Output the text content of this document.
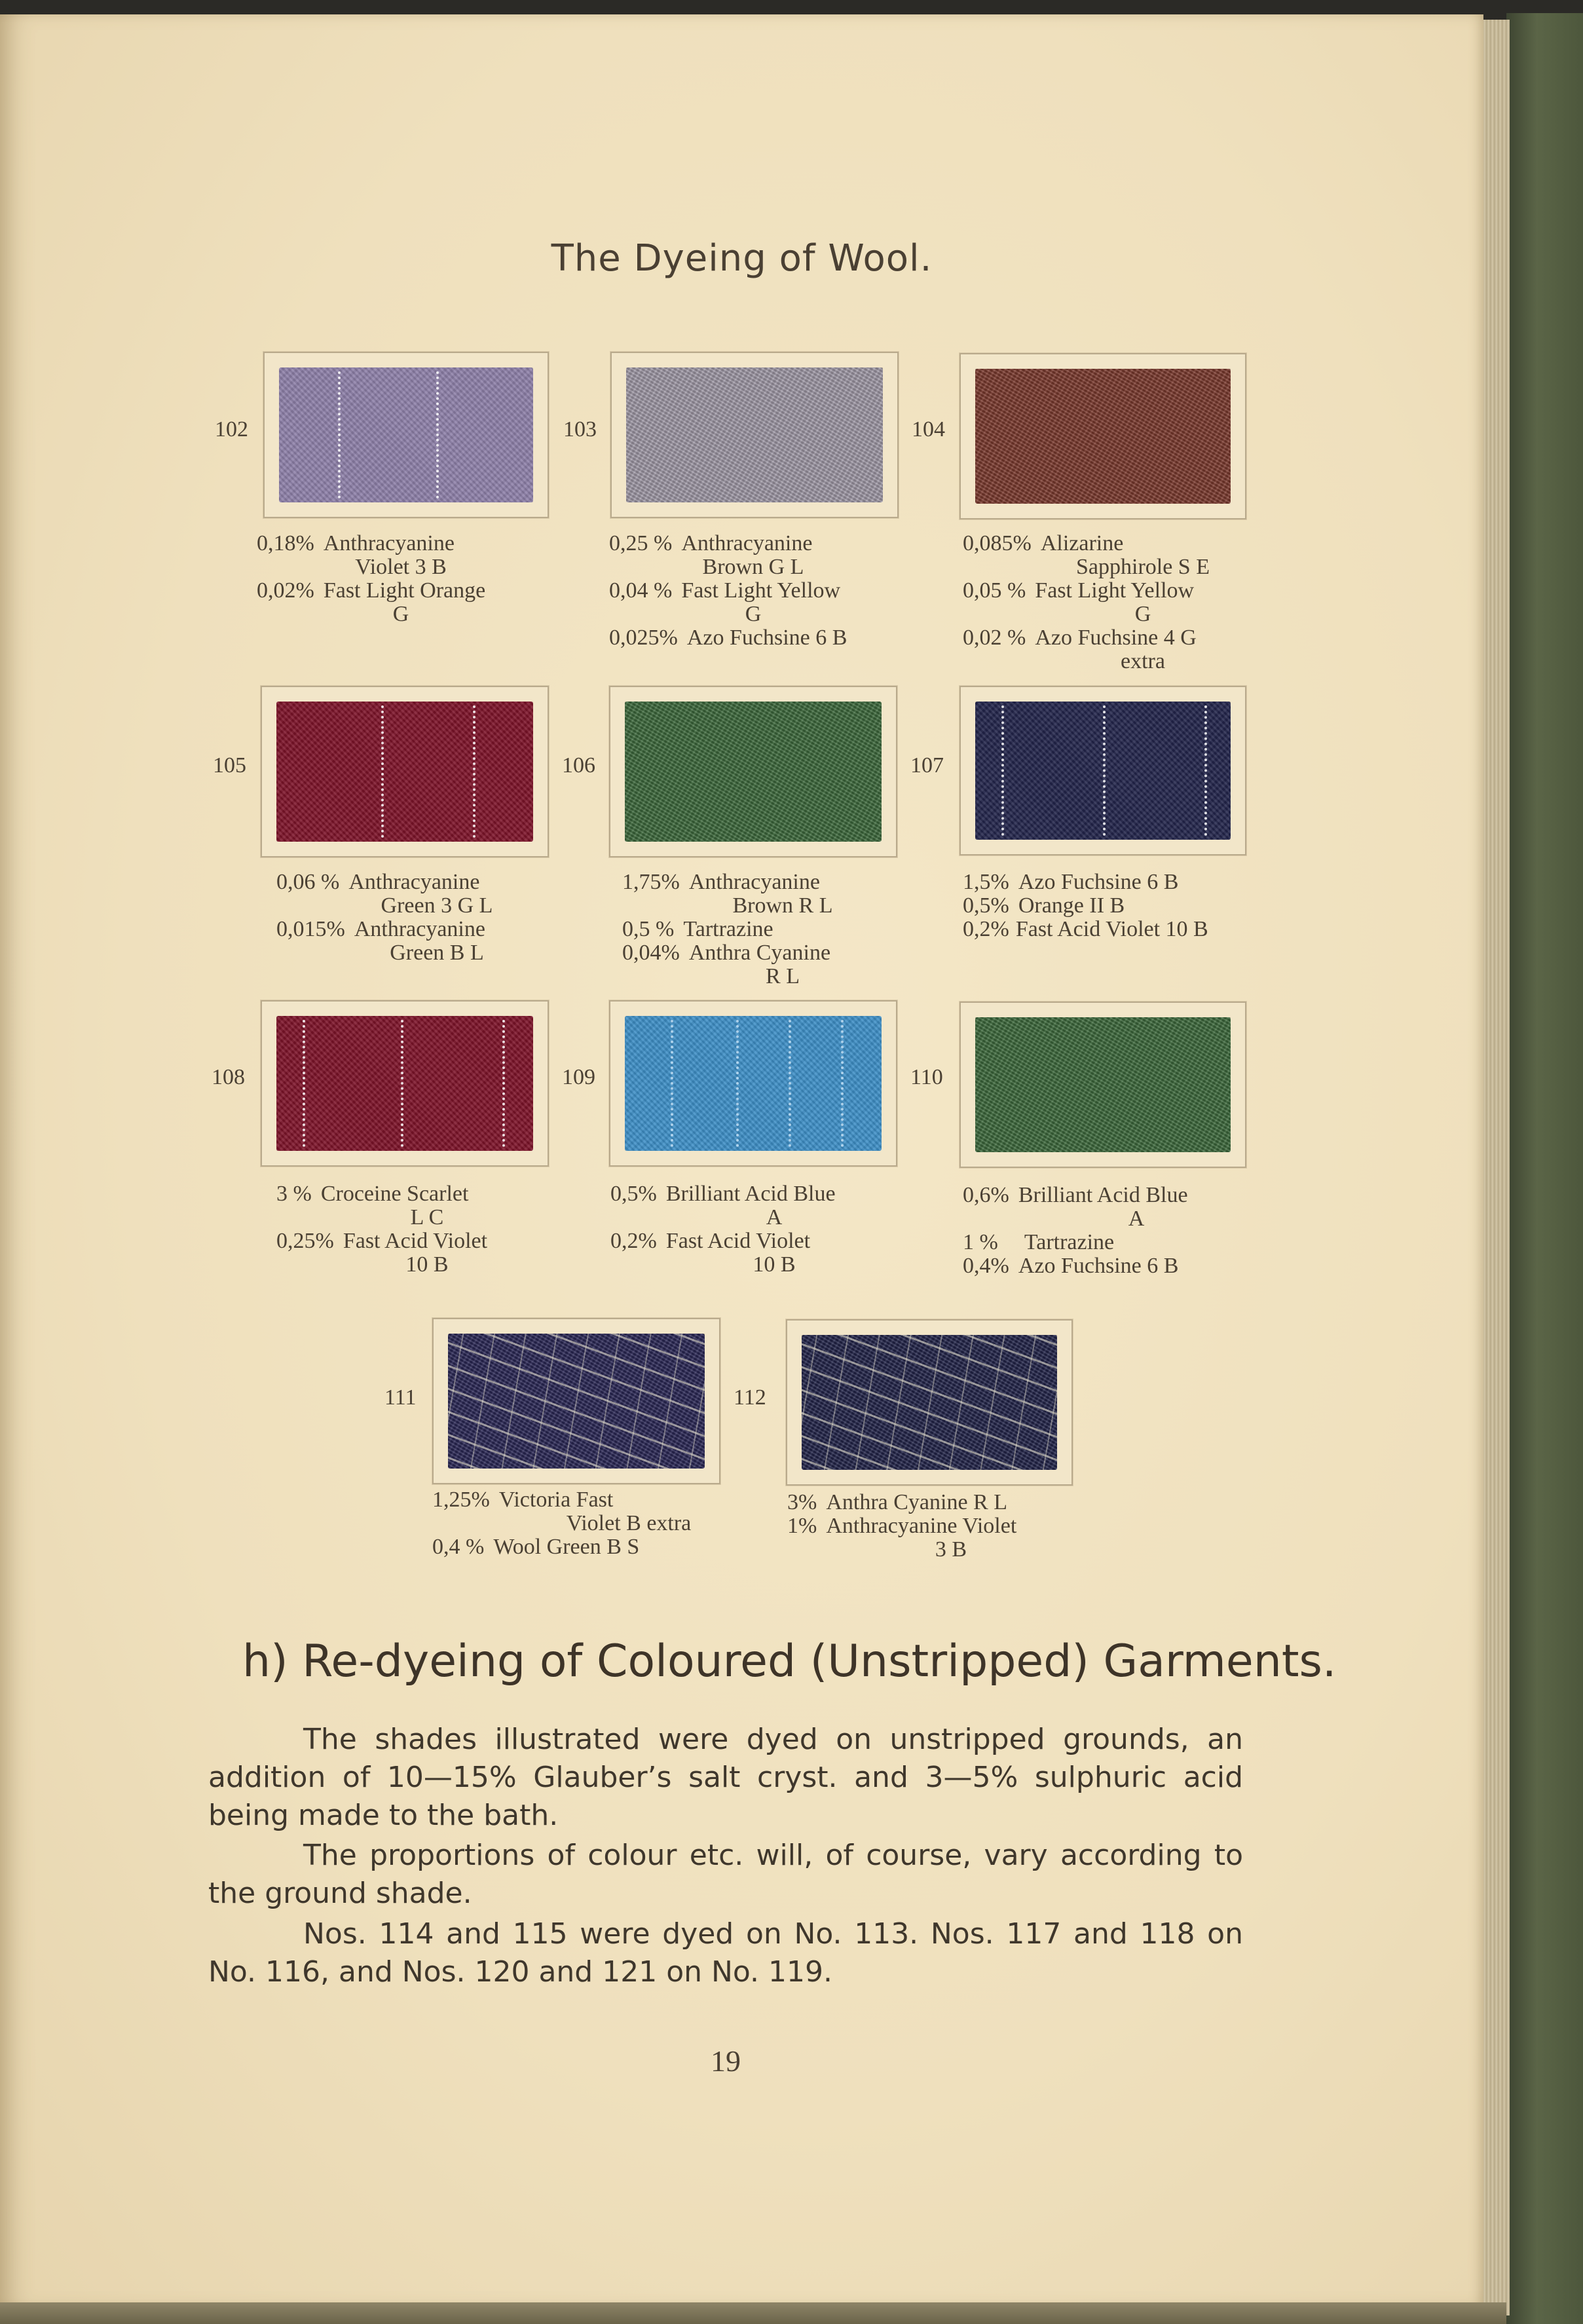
The Dyeing of Wool.
102
0,18% Anthracyanine
Violet 3 B
0,02% Fast Light Orange
G
103
0,25 % Anthracyanine
Brown G L
0,04 % Fast Light Yellow
G
0,025% Azo Fuchsine 6 B
104
0,085% Alizarine
Sapphirole S E
0,05 % Fast Light Yellow
G
0,02 % Azo Fuchsine 4 G
extra
105
0,06 % Anthracyanine
Green 3 G L
0,015% Anthracyanine
Green B L
106
1,75% Anthracyanine
Brown R L
0,5 % Tartrazine
0,04% Anthra Cyanine
R L
107
1,5% Azo Fuchsine 6 B
0,5% Orange II B
0,2% Fast Acid Violet 10 B
108
3 % Croceine Scarlet
L C
0,25% Fast Acid Violet
10 B
109
0,5% Brilliant Acid Blue
A
0,2% Fast Acid Violet
10 B
110
0,6% Brilliant Acid Blue
A
1 %	Tartrazine
0,4% Azo Fuchsine 6 B
111
1,25% Victoria Fast
Violet B extra
0,4 % Wool Green B S
112
3% Anthra Cyanine R L
1% Anthracyanine Violet
3 B
h) Re-dyeing of Coloured (Unstripped) Garments.

The shades illustrated were dyed on unstripped grounds, an addition of 10—15% Glauber’s salt cryst. and 3—5% sulphuric acid being made to the bath.

The proportions of colour etc. will, of course, vary according to the ground shade.

Nos. 114 and 115 were dyed on No. 113. Nos. 117 and 118 on No. 116, and Nos. 120 and 121 on No. 119.

19
